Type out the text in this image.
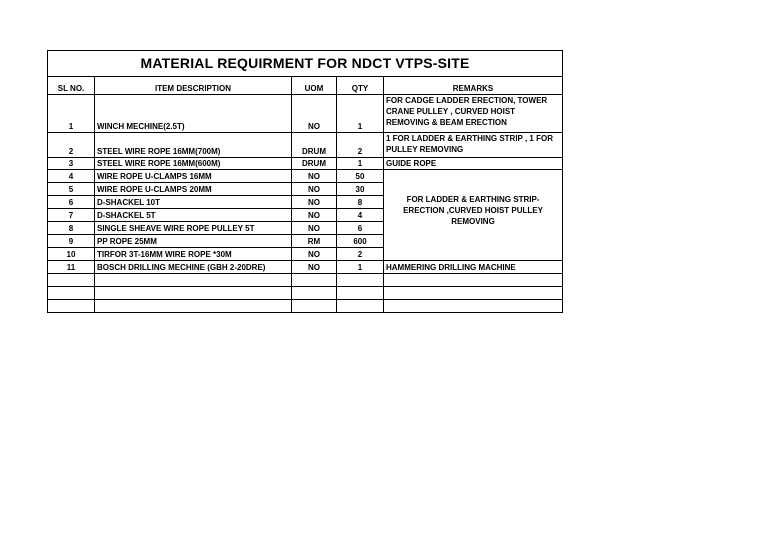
MATERIAL REQUIRMENT FOR NDCT VTPS-SITE				
SL NO.	ITEM DESCRIPTION	UOM	QTY	REMARKS
1	WINCH MECHINE(2.5T)	NO	1	FOR CADGE LADDER ERECTION, TOWER CRANE PULLEY , CURVED HOIST REMOVING & BEAM ERECTION
2	STEEL WIRE ROPE 16MM(700M)	DRUM	2	1 FOR LADDER & EARTHING STRIP , 1 FOR PULLEY REMOVING
3	STEEL WIRE ROPE 16MM(600M)	DRUM	1	GUIDE ROPE
4	WIRE ROPE U-CLAMPS 16MM	NO	50	FOR LADDER & EARTHING STRIP-ERECTION ,CURVED HOIST PULLEY REMOVING
5	WIRE ROPE U-CLAMPS 20MM	NO	30	
6	D-SHACKEL 10T	NO	8	
7	D-SHACKEL 5T	NO	4	
8	SINGLE SHEAVE WIRE ROPE PULLEY 5T	NO	6	
9	PP ROPE 25MM	RM	600	
10	TIRFOR 3T-16MM WIRE ROPE *30M	NO	2	
11	BOSCH DRILLING MECHINE (GBH 2-20DRE)	NO	1	HAMMERING DRILLING MACHINE
